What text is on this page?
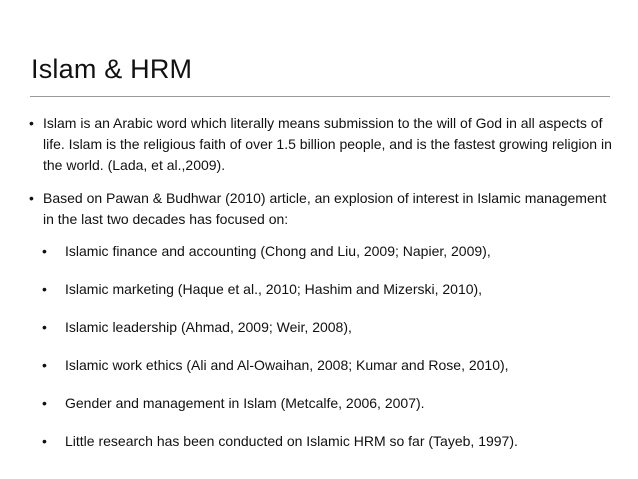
Islam & HRM

• Islam is an Arabic word which literally means submission to the will of God in all aspects of life. Islam is the religious faith of over 1.5 billion people, and is the fastest growing religion in the world. (Lada, et al.,2009).

• Based on Pawan & Budhwar (2010) article, an explosion of interest in Islamic management in the last two decades has focused on:

• Islamic finance and accounting (Chong and Liu, 2009; Napier, 2009),

• Islamic marketing (Haque et al., 2010; Hashim and Mizerski, 2010),

• Islamic leadership (Ahmad, 2009; Weir, 2008),

• Islamic work ethics (Ali and Al-Owaihan, 2008; Kumar and Rose, 2010),

• Gender and management in Islam (Metcalfe, 2006, 2007).

• Little research has been conducted on Islamic HRM so far (Tayeb, 1997).
